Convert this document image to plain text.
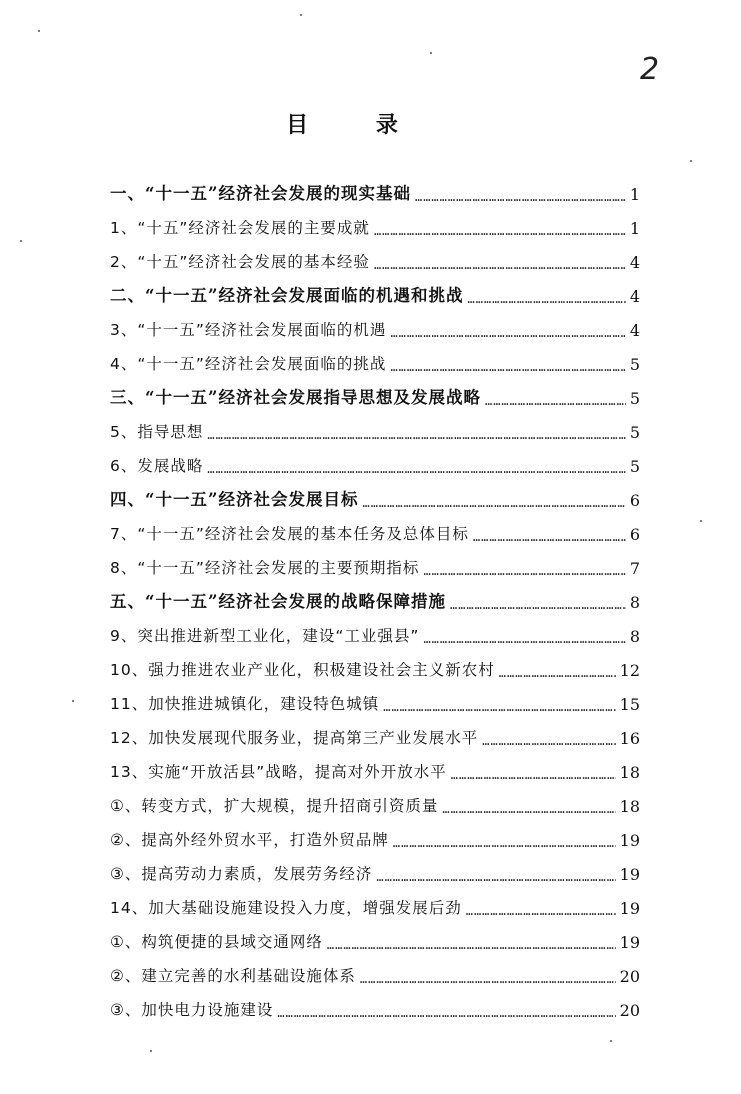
2
目 录
一、“十一五”经济社会发展的现实基础 …………………………………………………………………………………………………………………………………………	1
1、“十五”经济社会发展的主要成就 …………………………………………………………………………………………………………………………………………	1
2、“十五”经济社会发展的基本经验 …………………………………………………………………………………………………………………………………………	4
二、“十一五”经济社会发展面临的机遇和挑战 …………………………………………………………………………………………………………………………………………	4
3、“十一五”经济社会发展面临的机遇 …………………………………………………………………………………………………………………………………………	4
4、“十一五”经济社会发展面临的挑战 …………………………………………………………………………………………………………………………………………	5
三、“十一五”经济社会发展指导思想及发展战略 …………………………………………………………………………………………………………………………………………	5
5、指导思想 …………………………………………………………………………………………………………………………………………	5
6、发展战略 …………………………………………………………………………………………………………………………………………	5
四、“十一五”经济社会发展目标 …………………………………………………………………………………………………………………………………………	6
7、“十一五”经济社会发展的基本任务及总体目标 …………………………………………………………………………………………………………………………………………	6
8、“十一五”经济社会发展的主要预期指标 …………………………………………………………………………………………………………………………………………	7
五、“十一五”经济社会发展的战略保障措施 …………………………………………………………………………………………………………………………………………	8
9、突出推进新型工业化，建设“工业强县” …………………………………………………………………………………………………………………………………………	8
10、强力推进农业产业化，积极建设社会主义新农村 …………………………………………………………………………………………………………………………………………	12
11、加快推进城镇化，建设特色城镇 …………………………………………………………………………………………………………………………………………	15
12、加快发展现代服务业，提高第三产业发展水平 …………………………………………………………………………………………………………………………………………	16
13、实施“开放活县”战略，提高对外开放水平 …………………………………………………………………………………………………………………………………………	18
①、转变方式，扩大规模，提升招商引资质量 …………………………………………………………………………………………………………………………………………	18
②、提高外经外贸水平，打造外贸品牌 …………………………………………………………………………………………………………………………………………	19
③、提高劳动力素质，发展劳务经济 …………………………………………………………………………………………………………………………………………	19
14、加大基础设施建设投入力度，增强发展后劲 …………………………………………………………………………………………………………………………………………	19
①、构筑便捷的县域交通网络 …………………………………………………………………………………………………………………………………………	19
②、建立完善的水利基础设施体系 …………………………………………………………………………………………………………………………………………	20
③、加快电力设施建设 …………………………………………………………………………………………………………………………………………	20
